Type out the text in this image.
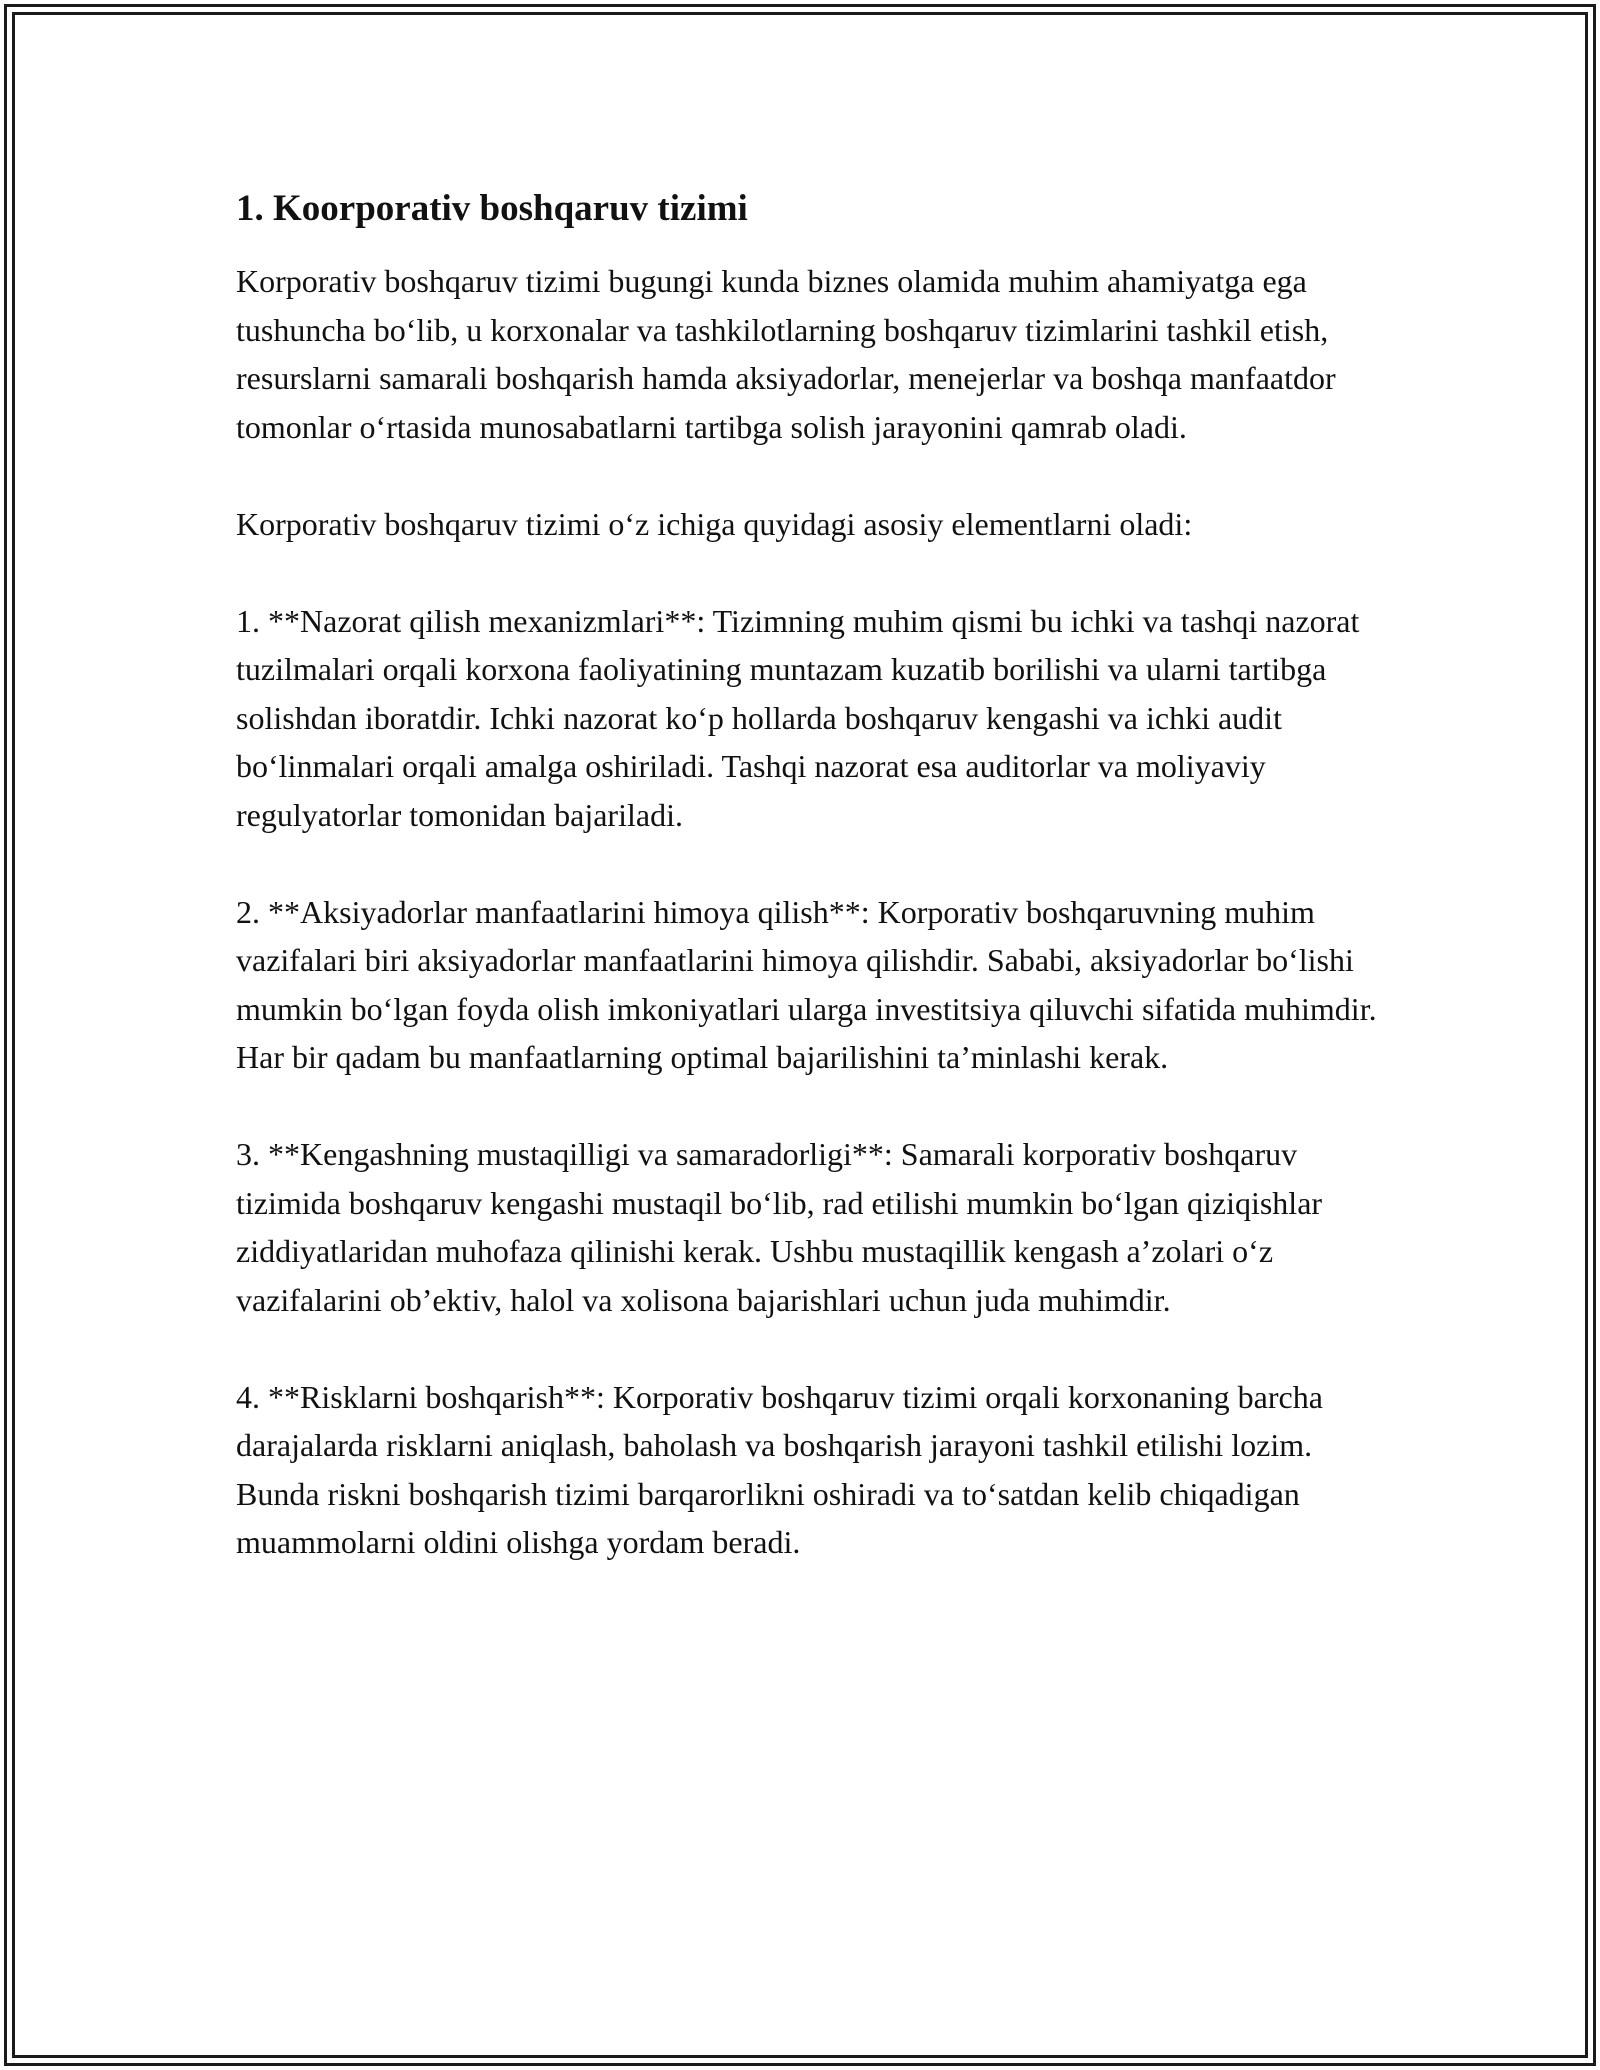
1. Koorporativ boshqaruv tizimi

Korporativ boshqaruv tizimi bugungi kunda biznes olamida muhim ahamiyatga ega tushuncha bo‘lib, u korxonalar va tashkilotlarning boshqaruv tizimlarini tashkil etish, resurslarni samarali boshqarish hamda aksiyadorlar, menejerlar va boshqa manfaatdor tomonlar o‘rtasida munosabatlarni tartibga solish jarayonini qamrab oladi.

Korporativ boshqaruv tizimi o‘z ichiga quyidagi asosiy elementlarni oladi:

1. **Nazorat qilish mexanizmlari**: Tizimning muhim qismi bu ichki va tashqi nazorat tuzilmalari orqali korxona faoliyatining muntazam kuzatib borilishi va ularni tartibga solishdan iboratdir. Ichki nazorat ko‘p hollarda boshqaruv kengashi va ichki audit bo‘linmalari orqali amalga oshiriladi. Tashqi nazorat esa auditorlar va moliyaviy regulyatorlar tomonidan bajariladi.

2. **Aksiyadorlar manfaatlarini himoya qilish**: Korporativ boshqaruvning muhim vazifalari biri aksiyadorlar manfaatlarini himoya qilishdir. Sababi, aksiyadorlar bo‘lishi mumkin bo‘lgan foyda olish imkoniyatlari ularga investitsiya qiluvchi sifatida muhimdir. Har bir qadam bu manfaatlarning optimal bajarilishini ta’minlashi kerak.

3. **Kengashning mustaqilligi va samaradorligi**: Samarali korporativ boshqaruv tizimida boshqaruv kengashi mustaqil bo‘lib, rad etilishi mumkin bo‘lgan qiziqishlar ziddiyatlaridan muhofaza qilinishi kerak. Ushbu mustaqillik kengash a’zolari o‘z vazifalarini ob’ektiv, halol va xolisona bajarishlari uchun juda muhimdir.

4. **Risklarni boshqarish**: Korporativ boshqaruv tizimi orqali korxonaning barcha darajalarda risklarni aniqlash, baholash va boshqarish jarayoni tashkil etilishi lozim. Bunda riskni boshqarish tizimi barqarorlikni oshiradi va to‘satdan kelib chiqadigan muammolarni oldini olishga yordam beradi.
